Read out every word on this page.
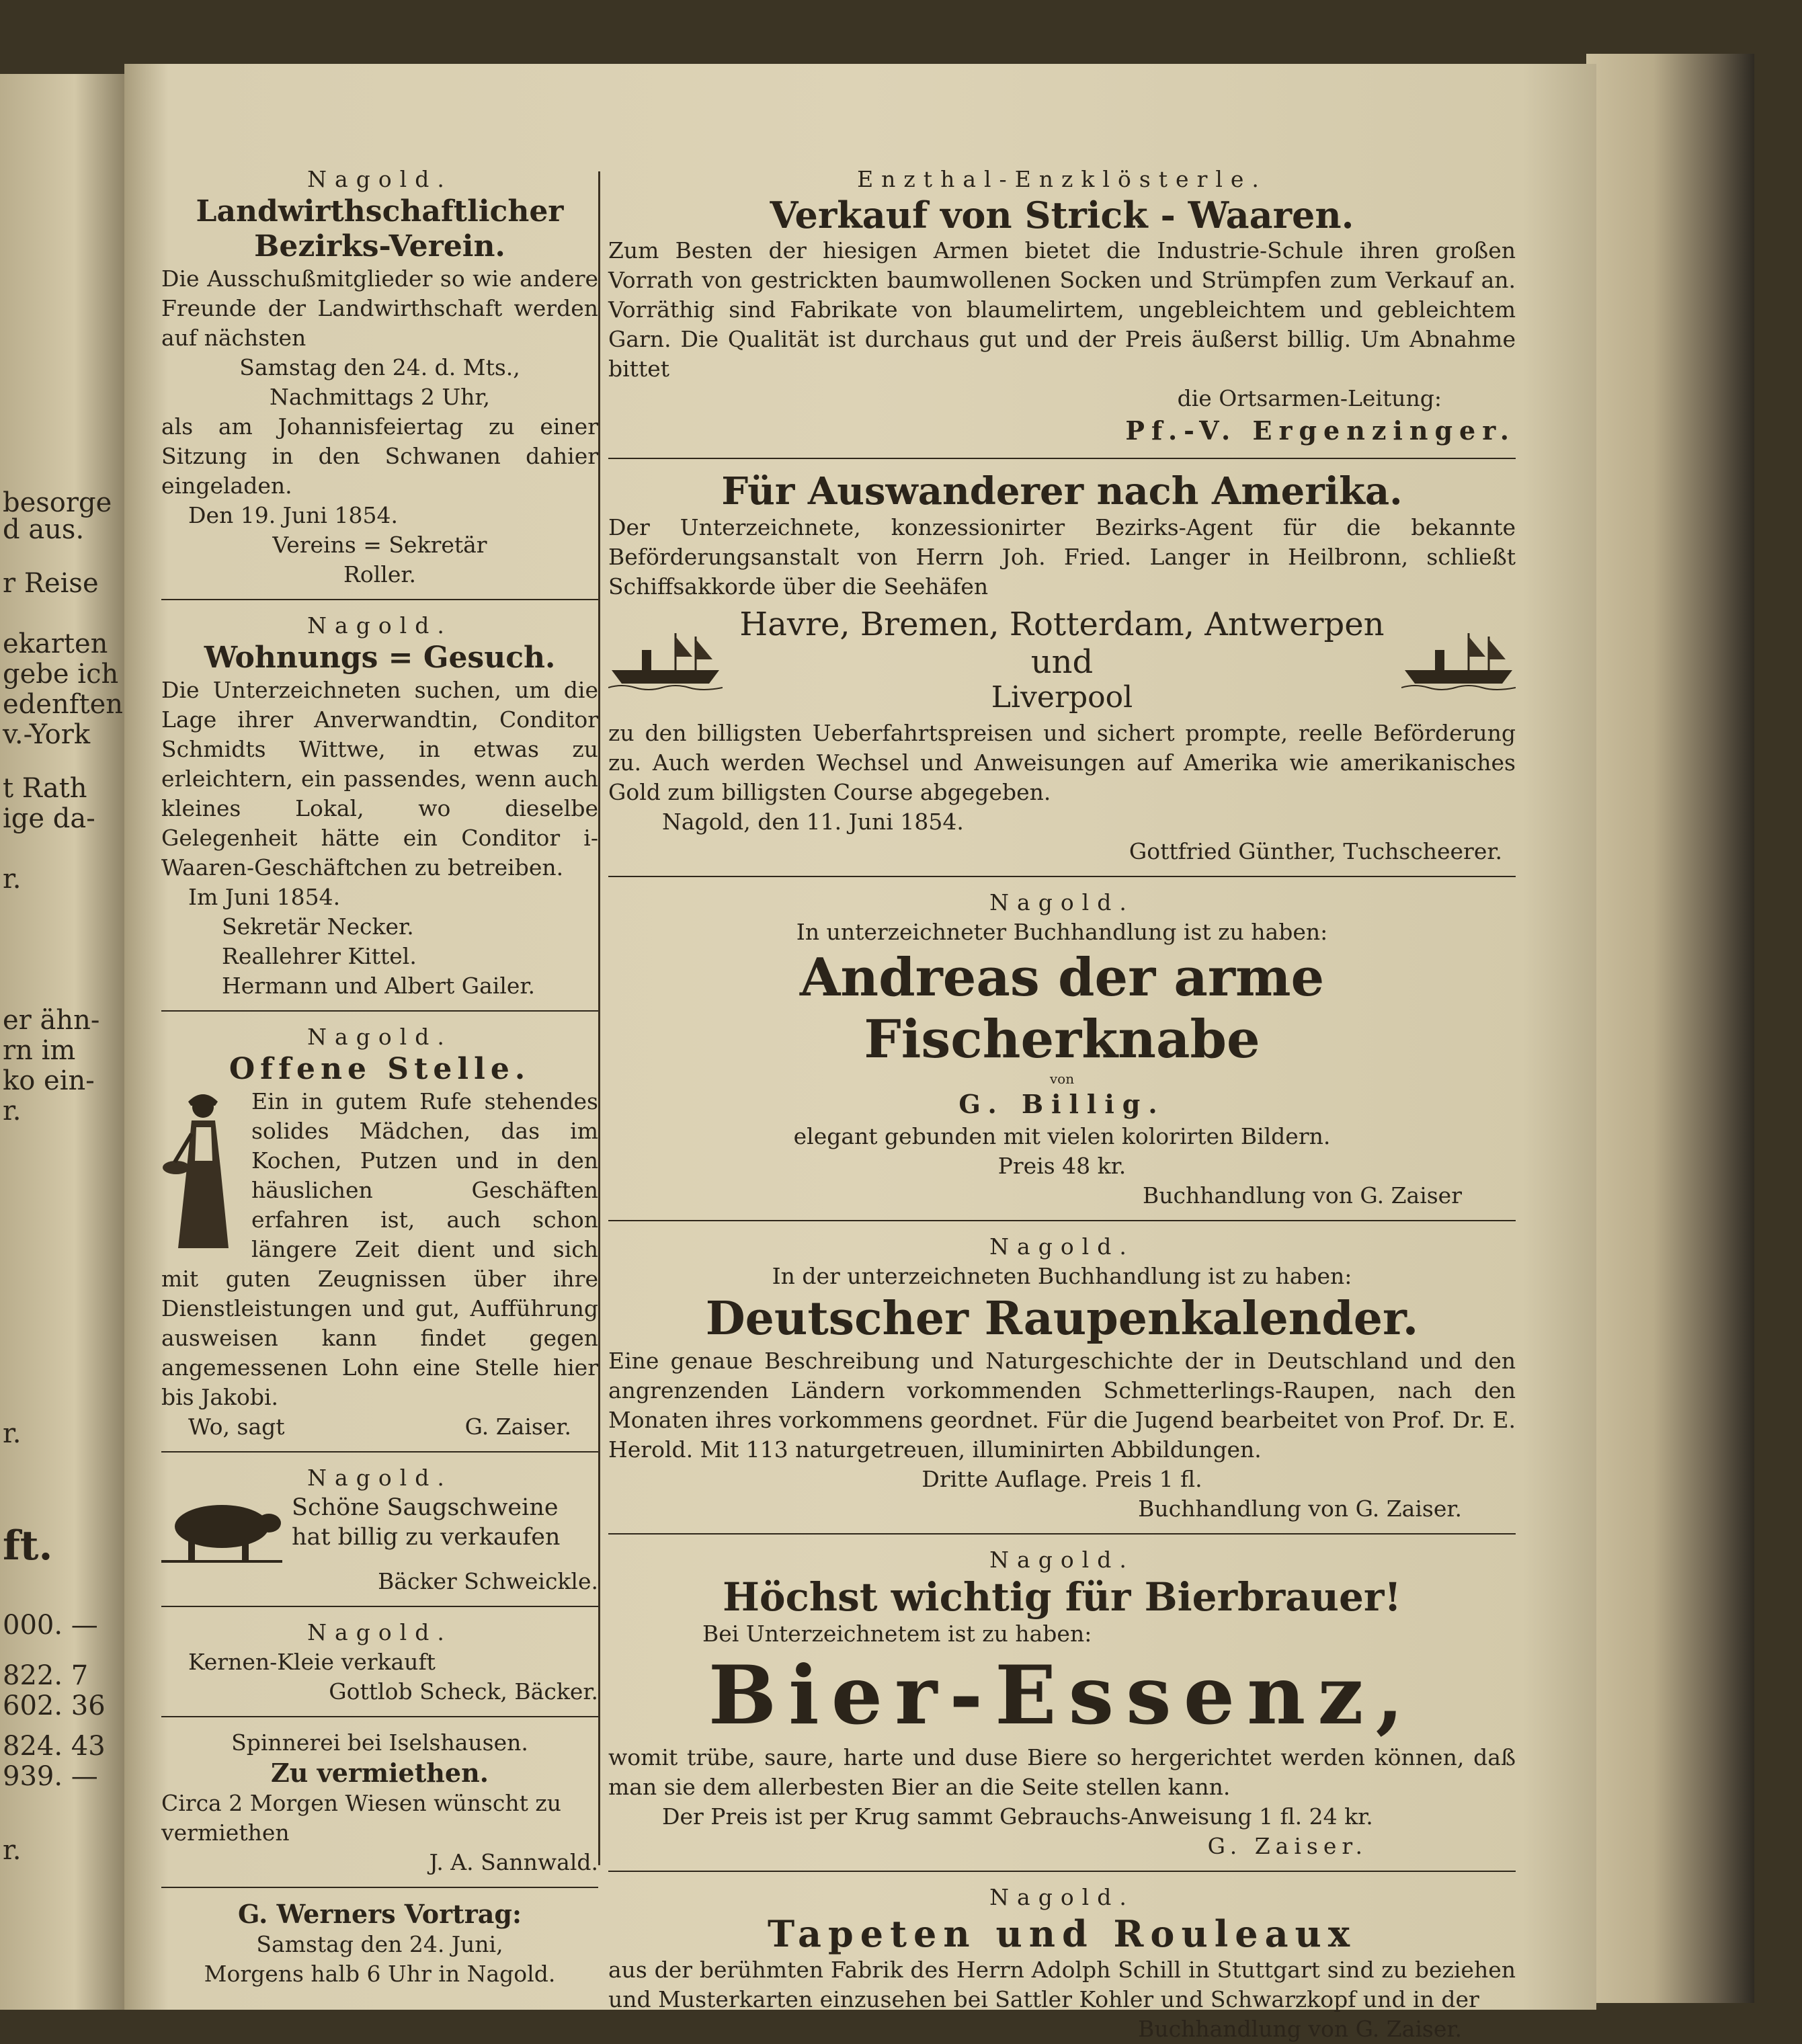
besorge
d aus.
r Reise
ekarten
gebe ich
edenften
v.-York
t Rath
ige da-
r.
er ähn-
rn im
ko ein-
r.
r.
ft.
000. —
822. 7
602. 36
824. 43
939. —
r.
Nagold.
Landwirthschaftlicher Bezirks-Verein.
Die Ausschußmitglieder so wie andere Freunde der Landwirthschaft werden auf nächsten
Samstag den 24. d. Mts.,
Nachmittags 2 Uhr,
als am Johannisfeiertag zu einer Sitzung in den Schwanen dahier eingeladen.
Den 19. Juni 1854.
Vereins = Sekretär
Roller.
Nagold.
Wohnungs = Gesuch.
Die Unterzeichneten suchen, um die Lage ihrer Anverwandtin, Conditor Schmidts Wittwe, in etwas zu erleichtern, ein passendes, wenn auch kleines Lokal, wo dieselbe Gelegenheit hätte ein Conditor i-Waaren-Geschäftchen zu betreiben.
Im Juni 1854.
Sekretär Necker.
Reallehrer Kittel.
Hermann und Albert Gailer.
Nagold.
Offene Stelle.
Ein in gutem Rufe stehendes solides Mädchen, das im Kochen, Putzen und in den häuslichen Geschäften erfahren ist, auch schon längere Zeit dient und sich mit guten Zeugnissen über ihre Dienstleistungen und gut, Aufführung ausweisen kann findet gegen angemessenen Lohn eine Stelle hier bis Jakobi.
Wo, sagt	G. Zaiser.
Nagold.
Schöne Saugschweine hat billig zu verkaufen
Bäcker Schweickle.
Nagold.
Kernen-Kleie verkauft
Gottlob Scheck, Bäcker.
Spinnerei bei Iselshausen.
Zu vermiethen.
Circa 2 Morgen Wiesen wünscht zu vermiethen
J. A. Sannwald.
G. Werners Vortrag:
Samstag den 24. Juni,
Morgens halb 6 Uhr in Nagold.
Enzthal-Enzklösterle.
Verkauf von Strick - Waaren.
Zum Besten der hiesigen Armen bietet die Industrie-Schule ihren großen Vorrath von gestrickten baumwollenen Socken und Strümpfen zum Verkauf an. Vorräthig sind Fabrikate von blaumelirtem, ungebleichtem und gebleichtem Garn. Die Qualität ist durchaus gut und der Preis äußerst billig. Um Abnahme bittet
die Ortsarmen-Leitung:
Pf.-V. Ergenzinger.
Für Auswanderer nach Amerika.
Der Unterzeichnete, konzessionirter Bezirks-Agent für die bekannte Beförderungsanstalt von Herrn Joh. Fried. Langer in Heilbronn, schließt Schiffsakkorde über die Seehäfen
Havre, Bremen, Rotterdam, Antwerpen und
Liverpool
zu den billigsten Ueberfahrtspreisen und sichert prompte, reelle Beförderung zu. Auch werden Wechsel und Anweisungen auf Amerika wie amerikanisches Gold zum billigsten Course abgegeben.
Nagold, den 11. Juni 1854.
Gottfried Günther, Tuchscheerer.
Nagold.
In unterzeichneter Buchhandlung ist zu haben:
Andreas der arme Fischerknabe
von
G. Billig.
elegant gebunden mit vielen kolorirten Bildern.
Preis 48 kr.
Buchhandlung von G. Zaiser
Nagold.
In der unterzeichneten Buchhandlung ist zu haben:
Deutscher Raupenkalender.
Eine genaue Beschreibung und Naturgeschichte der in Deutschland und den angrenzenden Ländern vorkommenden Schmetterlings-Raupen, nach den Monaten ihres vorkommens geordnet. Für die Jugend bearbeitet von Prof. Dr. E. Herold. Mit 113 naturgetreuen, illuminirten Abbildungen.
Dritte Auflage. Preis 1 fl.
Buchhandlung von G. Zaiser.
Nagold.
Höchst wichtig für Bierbrauer!
Bei Unterzeichnetem ist zu haben:
Bier-Essenz,
womit trübe, saure, harte und duse Biere so hergerichtet werden können, daß man sie dem allerbesten Bier an die Seite stellen kann.
Der Preis ist per Krug sammt Gebrauchs-Anweisung 1 fl. 24 kr.
G. Zaiser.
Nagold.
Tapeten und Rouleaux
aus der berühmten Fabrik des Herrn Adolph Schill in Stuttgart sind zu beziehen und Musterkarten einzusehen bei Sattler Kohler und Schwarzkopf und in der
Buchhandlung von G. Zaiser.
